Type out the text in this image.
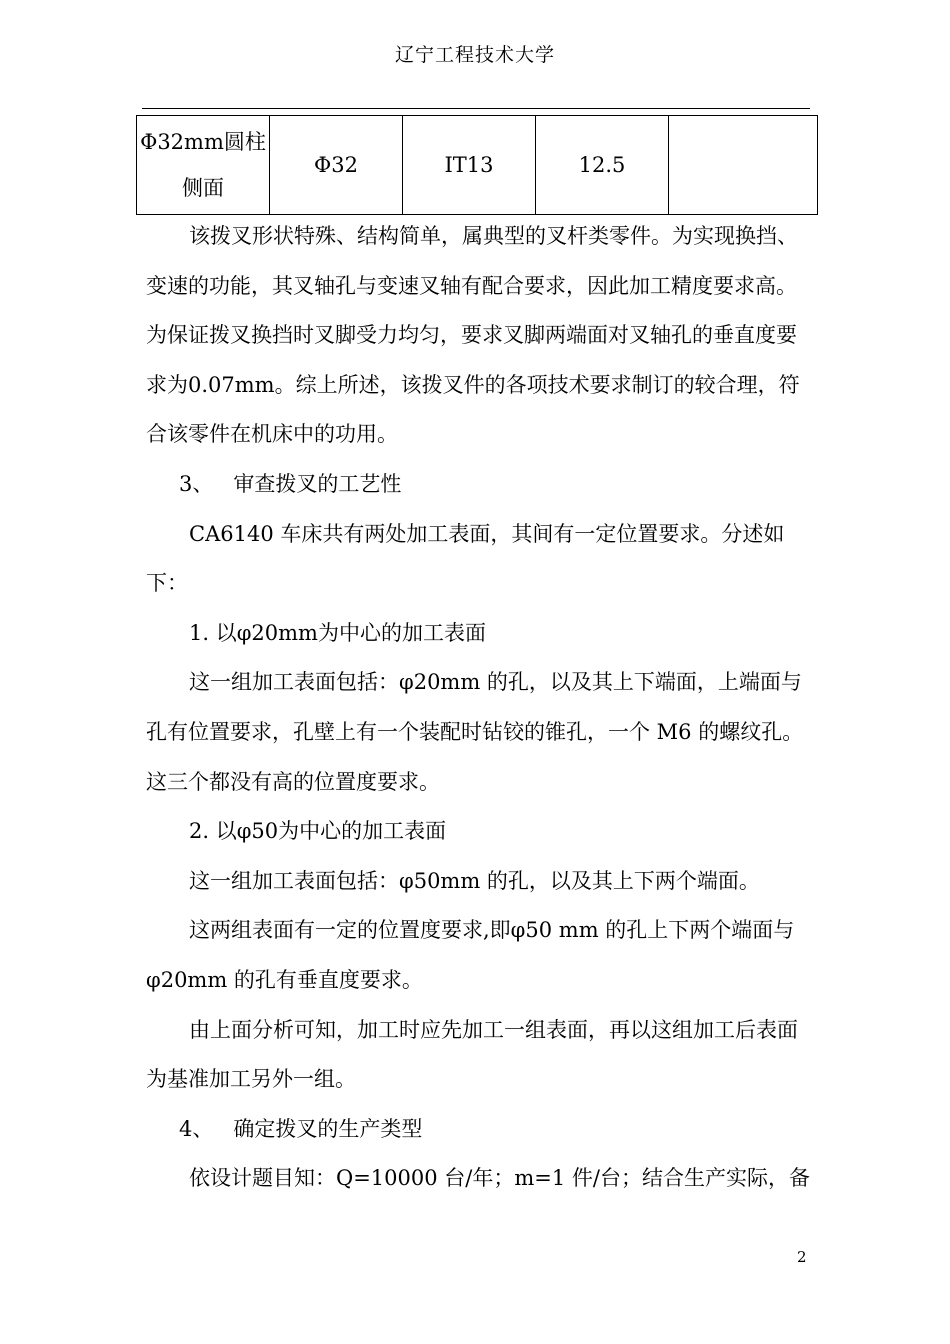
辽宁工程技术大学
Φ32mm圆柱
侧面
	Φ32	IT13	12.5	

该拨叉形状特殊、结构简单，属典型的叉杆类零件。为实现换挡、变速的功能，其叉轴孔与变速叉轴有配合要求，因此加工精度要求高。为保证拨叉换挡时叉脚受力均匀，要求叉脚两端面对叉轴孔的垂直度要求为0.07mm。综上所述，该拨叉件的各项技术要求制订的较合理，符合该零件在机床中的功用。

3、   审查拨叉的工艺性

CA6140 车床共有两处加工表面，其间有一定位置要求。分述如下：

1. 以φ20mm为中心的加工表面

这一组加工表面包括：φ20mm 的孔，以及其上下端面，上端面与孔有位置要求，孔壁上有一个装配时钻铰的锥孔，一个 M6 的螺纹孔。这三个都没有高的位置度要求。

2. 以φ50为中心的加工表面

这一组加工表面包括：φ50mm 的孔，以及其上下两个端面。

这两组表面有一定的位置度要求,即φ50 mm 的孔上下两个端面与φ20mm 的孔有垂直度要求。

由上面分析可知，加工时应先加工一组表面，再以这组加工后表面为基准加工另外一组。

4、   确定拨叉的生产类型

依设计题目知：Q=10000 台/年；m=1 件/台；结合生产实际，备

2
